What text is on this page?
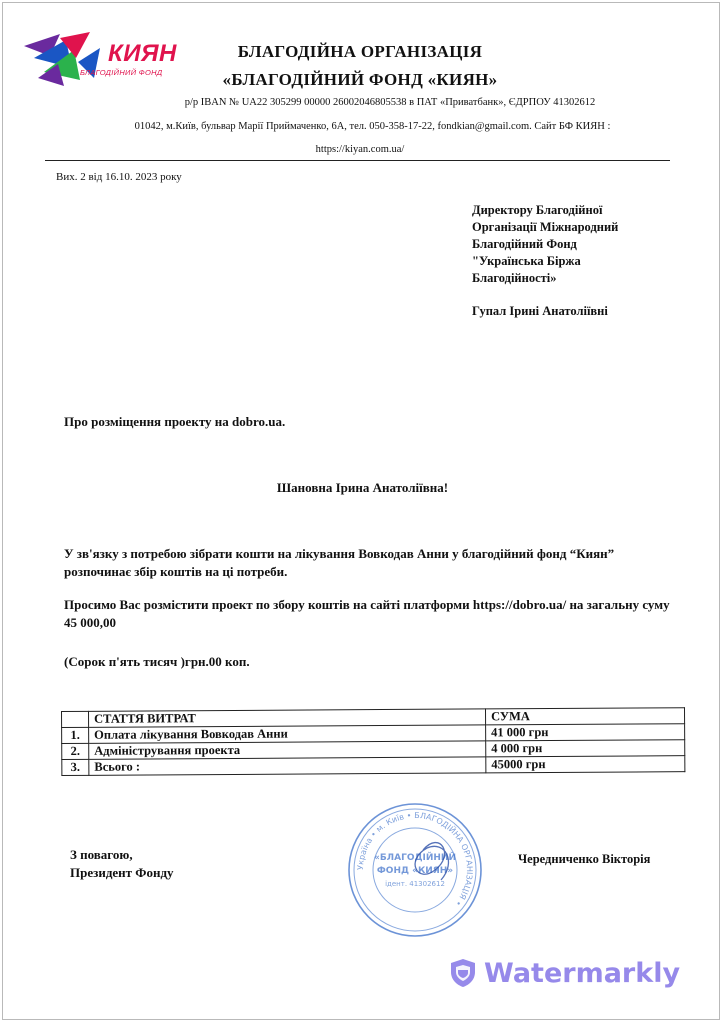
КИЯН
БЛАГОДІЙНИЙ ФОНД
БЛАГОДІЙНА ОРГАНІЗАЦІЯ
«БЛАГОДІЙНИЙ ФОНД «КИЯН»
р/р IBAN № UA22 305299 00000 26002046805538 в ПАТ «Приватбанк», ЄДРПОУ 41302612
01042, м.Київ, бульвар Марії Приймаченко, 6А, тел. 050-358-17-22, fondkian@gmail.com. Сайт БФ КИЯН :
https://kiyan.com.ua/
Вих. 2 від 16.10. 2023 року
Директору Благодійної
Організації Міжнародний
Благодійний Фонд
"Українська Біржа
Благодійності»
Гупал Ірині Анатоліївні
Про розміщення проекту на dobro.ua.
Шановна Ірина Анатоліївна!
У зв'язку з потребою зібрати кошти на лікування Вовкодав Анни у благодійний фонд “Киян” розпочинає збір коштів на ці потреби.
Просимо Вас розмістити проект по збору коштів на сайті платформи https://dobro.ua/ на загальну суму 45 000,00
(Сорок п'ять тисяч )грн.00 коп.
	СТАТТЯ ВИТРАТ	СУМА
1.	Оплата лікування Вовкодав Анни	41 000 грн
2.	Адміністрування проекта	4 000 грн
3.	Всього :	45000 грн
З повагою,
Президент Фонду
Чередниченко Вікторія
Україна • м. Київ • БЛАГОДІЙНА ОРГАНІЗАЦІЯ •
«БЛАГОДІЙНИЙ
ФОНД «КИЯН»
ідент. 41302612
Watermarkly
